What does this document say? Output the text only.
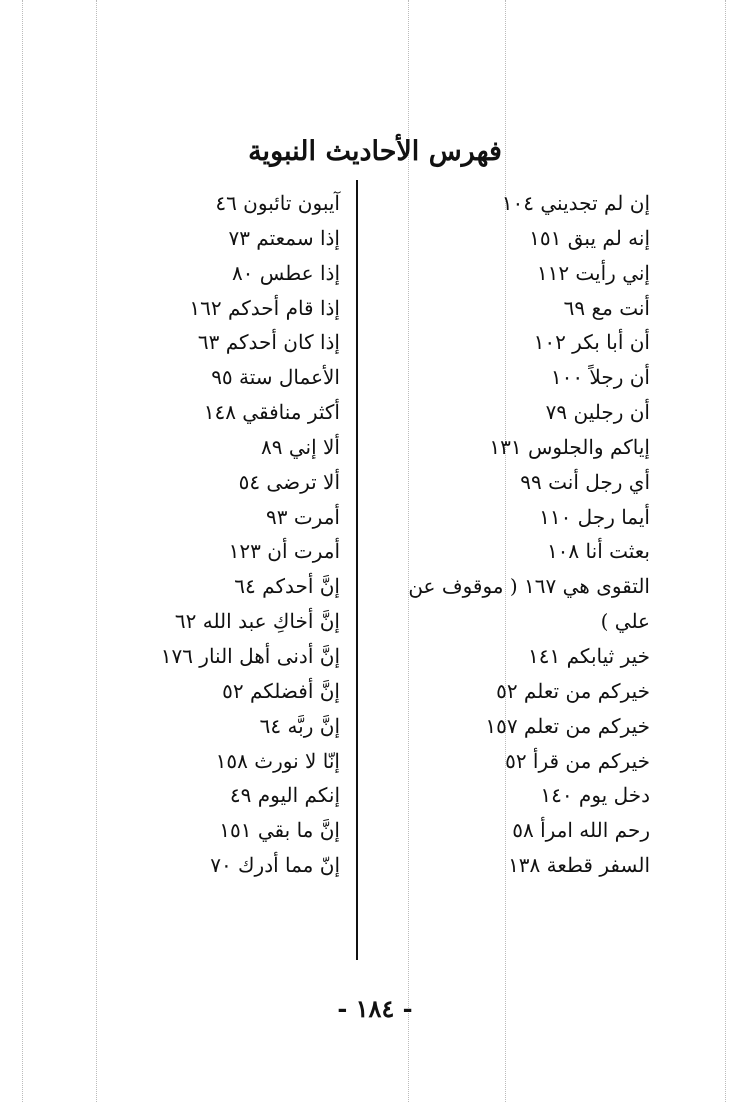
فهرس الأحاديث النبوية
إن لم تجديني ١٠٤
إنه لم يبق ١٥١
إني رأيت ١١٢
أنت مع ٦٩
أن أبا بكر ١٠٢
أن رجلاً ١٠٠
أن رجلين ٧٩
إياكم والجلوس ١٣١
أي رجل أنت ٩٩
أيما رجل ١١٠
بعثت أنا ١٠٨
التقوى هي ١٦٧ ( موقوف عن
علي )
خير ثيابكم ١٤١
خيركم من تعلم ٥٢
خيركم من تعلم ١٥٧
خيركم من قرأ ٥٢
دخل يوم ١٤٠
رحم الله امرأ ٥٨
السفر قطعة ١٣٨
آيبون تائبون ٤٦
إذا سمعتم ٧٣
إذا عطس ٨٠
إذا قام أحدكم ١٦٢
إذا كان أحدكم ٦٣
الأعمال ستة ٩٥
أكثر منافقي ١٤٨
ألا إني ٨٩
ألا ترضى ٥٤
أمرت ٩٣
أمرت أن ١٢٣
إنَّ أحدكم ٦٤
إنَّ أخاكِ عبد الله ٦٢
إنَّ أدنى أهل النار ١٧٦
إنَّ أفضلكم ٥٢
إنَّ ربَّه ٦٤
إنّا لا نورث ١٥٨
إنكم اليوم ٤٩
إنَّ ما بقي ١٥١
إنّ مما أدرك ٧٠
- ١٨٤ -
